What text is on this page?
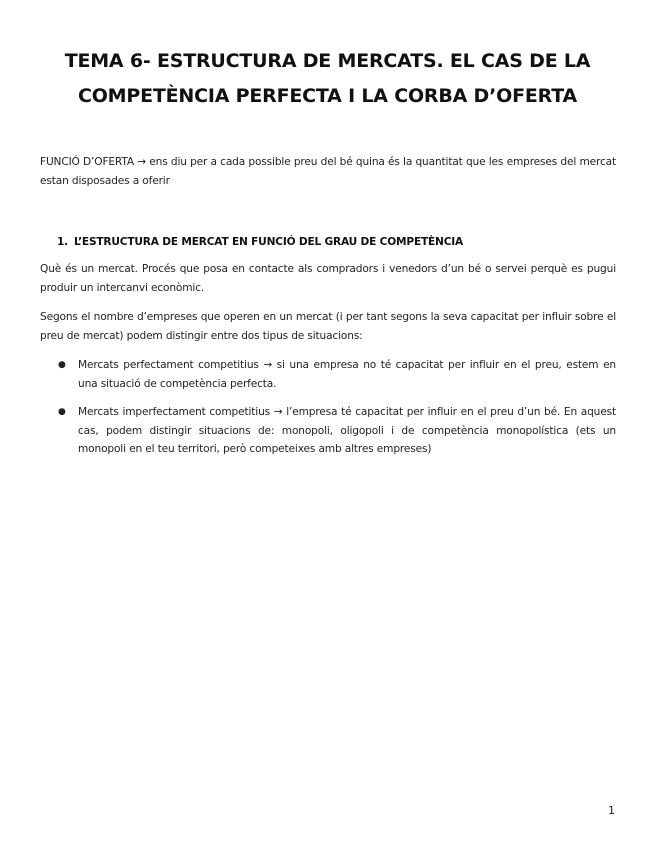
TEMA 6- ESTRUCTURA DE MERCATS. EL CAS DE LA
COMPETÈNCIA PERFECTA I LA CORBA D’OFERTA

FUNCIÓ D’OFERTA → ens diu per a cada possible preu del bé quina és la quantitat que les empreses del mercat estan disposades a oferir

1. L’ESTRUCTURA DE MERCAT EN FUNCIÓ DEL GRAU DE COMPETÈNCIA

Què és un mercat. Procés que posa en contacte als compradors i venedors d’un bé o servei perquè es pugui produir un intercanvi econòmic.

Segons el nombre d’empreses que operen en un mercat (i per tant segons la seva capacitat per influir sobre el preu de mercat) podem distingir entre dos tipus de situacions:

● Mercats perfectament competitius → si una empresa no té capacitat per influir en el preu, estem en una situació de competència perfecta.
● Mercats imperfectament competitius → l’empresa té capacitat per influir en el preu d’un bé. En aquest cas, podem distingir situacions de: monopoli, oligopoli i de competència monopolística (ets un monopoli en el teu territori, però competeixes amb altres empreses)
1
